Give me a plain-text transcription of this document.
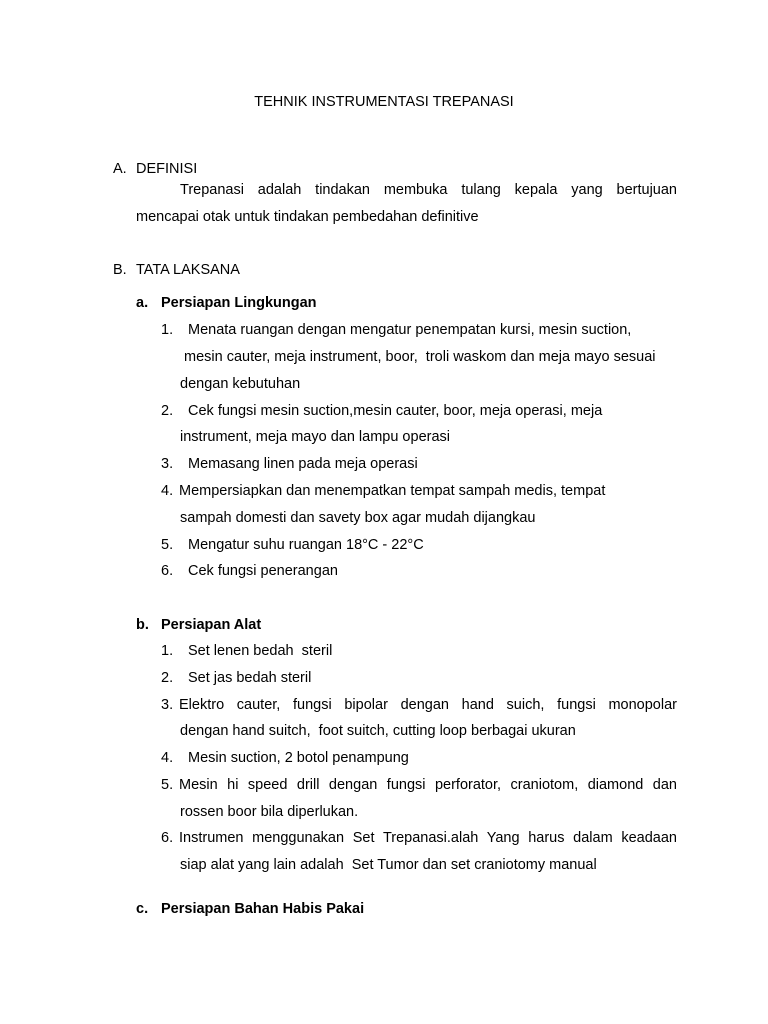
TEHNIK INSTRUMENTASI TREPANASI
A. DEFINISI
Trepanasi adalah tindakan membuka tulang kepala yang bertujuan
mencapai otak untuk tindakan pembedahan definitive
B. TATA LAKSANA
a. Persiapan Lingkungan
1. Menata ruangan dengan mengatur penempatan kursi, mesin suction,
mesin cauter, meja instrument, boor,  troli waskom dan meja mayo sesuai
dengan kebutuhan
2. Cek fungsi mesin suction,mesin cauter, boor, meja operasi, meja
instrument, meja mayo dan lampu operasi
3. Memasang linen pada meja operasi
4. Mempersiapkan dan menempatkan tempat sampah medis, tempat
sampah domesti dan savety box agar mudah dijangkau
5. Mengatur suhu ruangan 18°C - 22°C
6. Cek fungsi penerangan
b. Persiapan Alat
1. Set lenen bedah  steril
2. Set jas bedah steril
3. Elektro cauter, fungsi bipolar dengan hand suich, fungsi monopolar
dengan hand suitch,  foot suitch, cutting loop berbagai ukuran
4. Mesin suction, 2 botol penampung
5. Mesin hi speed drill dengan fungsi perforator, craniotom, diamond dan
rossen boor bila diperlukan.
6. Instrumen menggunakan Set Trepanasi.alah Yang harus dalam keadaan
siap alat yang lain adalah  Set Tumor dan set craniotomy manual
c. Persiapan Bahan Habis Pakai
